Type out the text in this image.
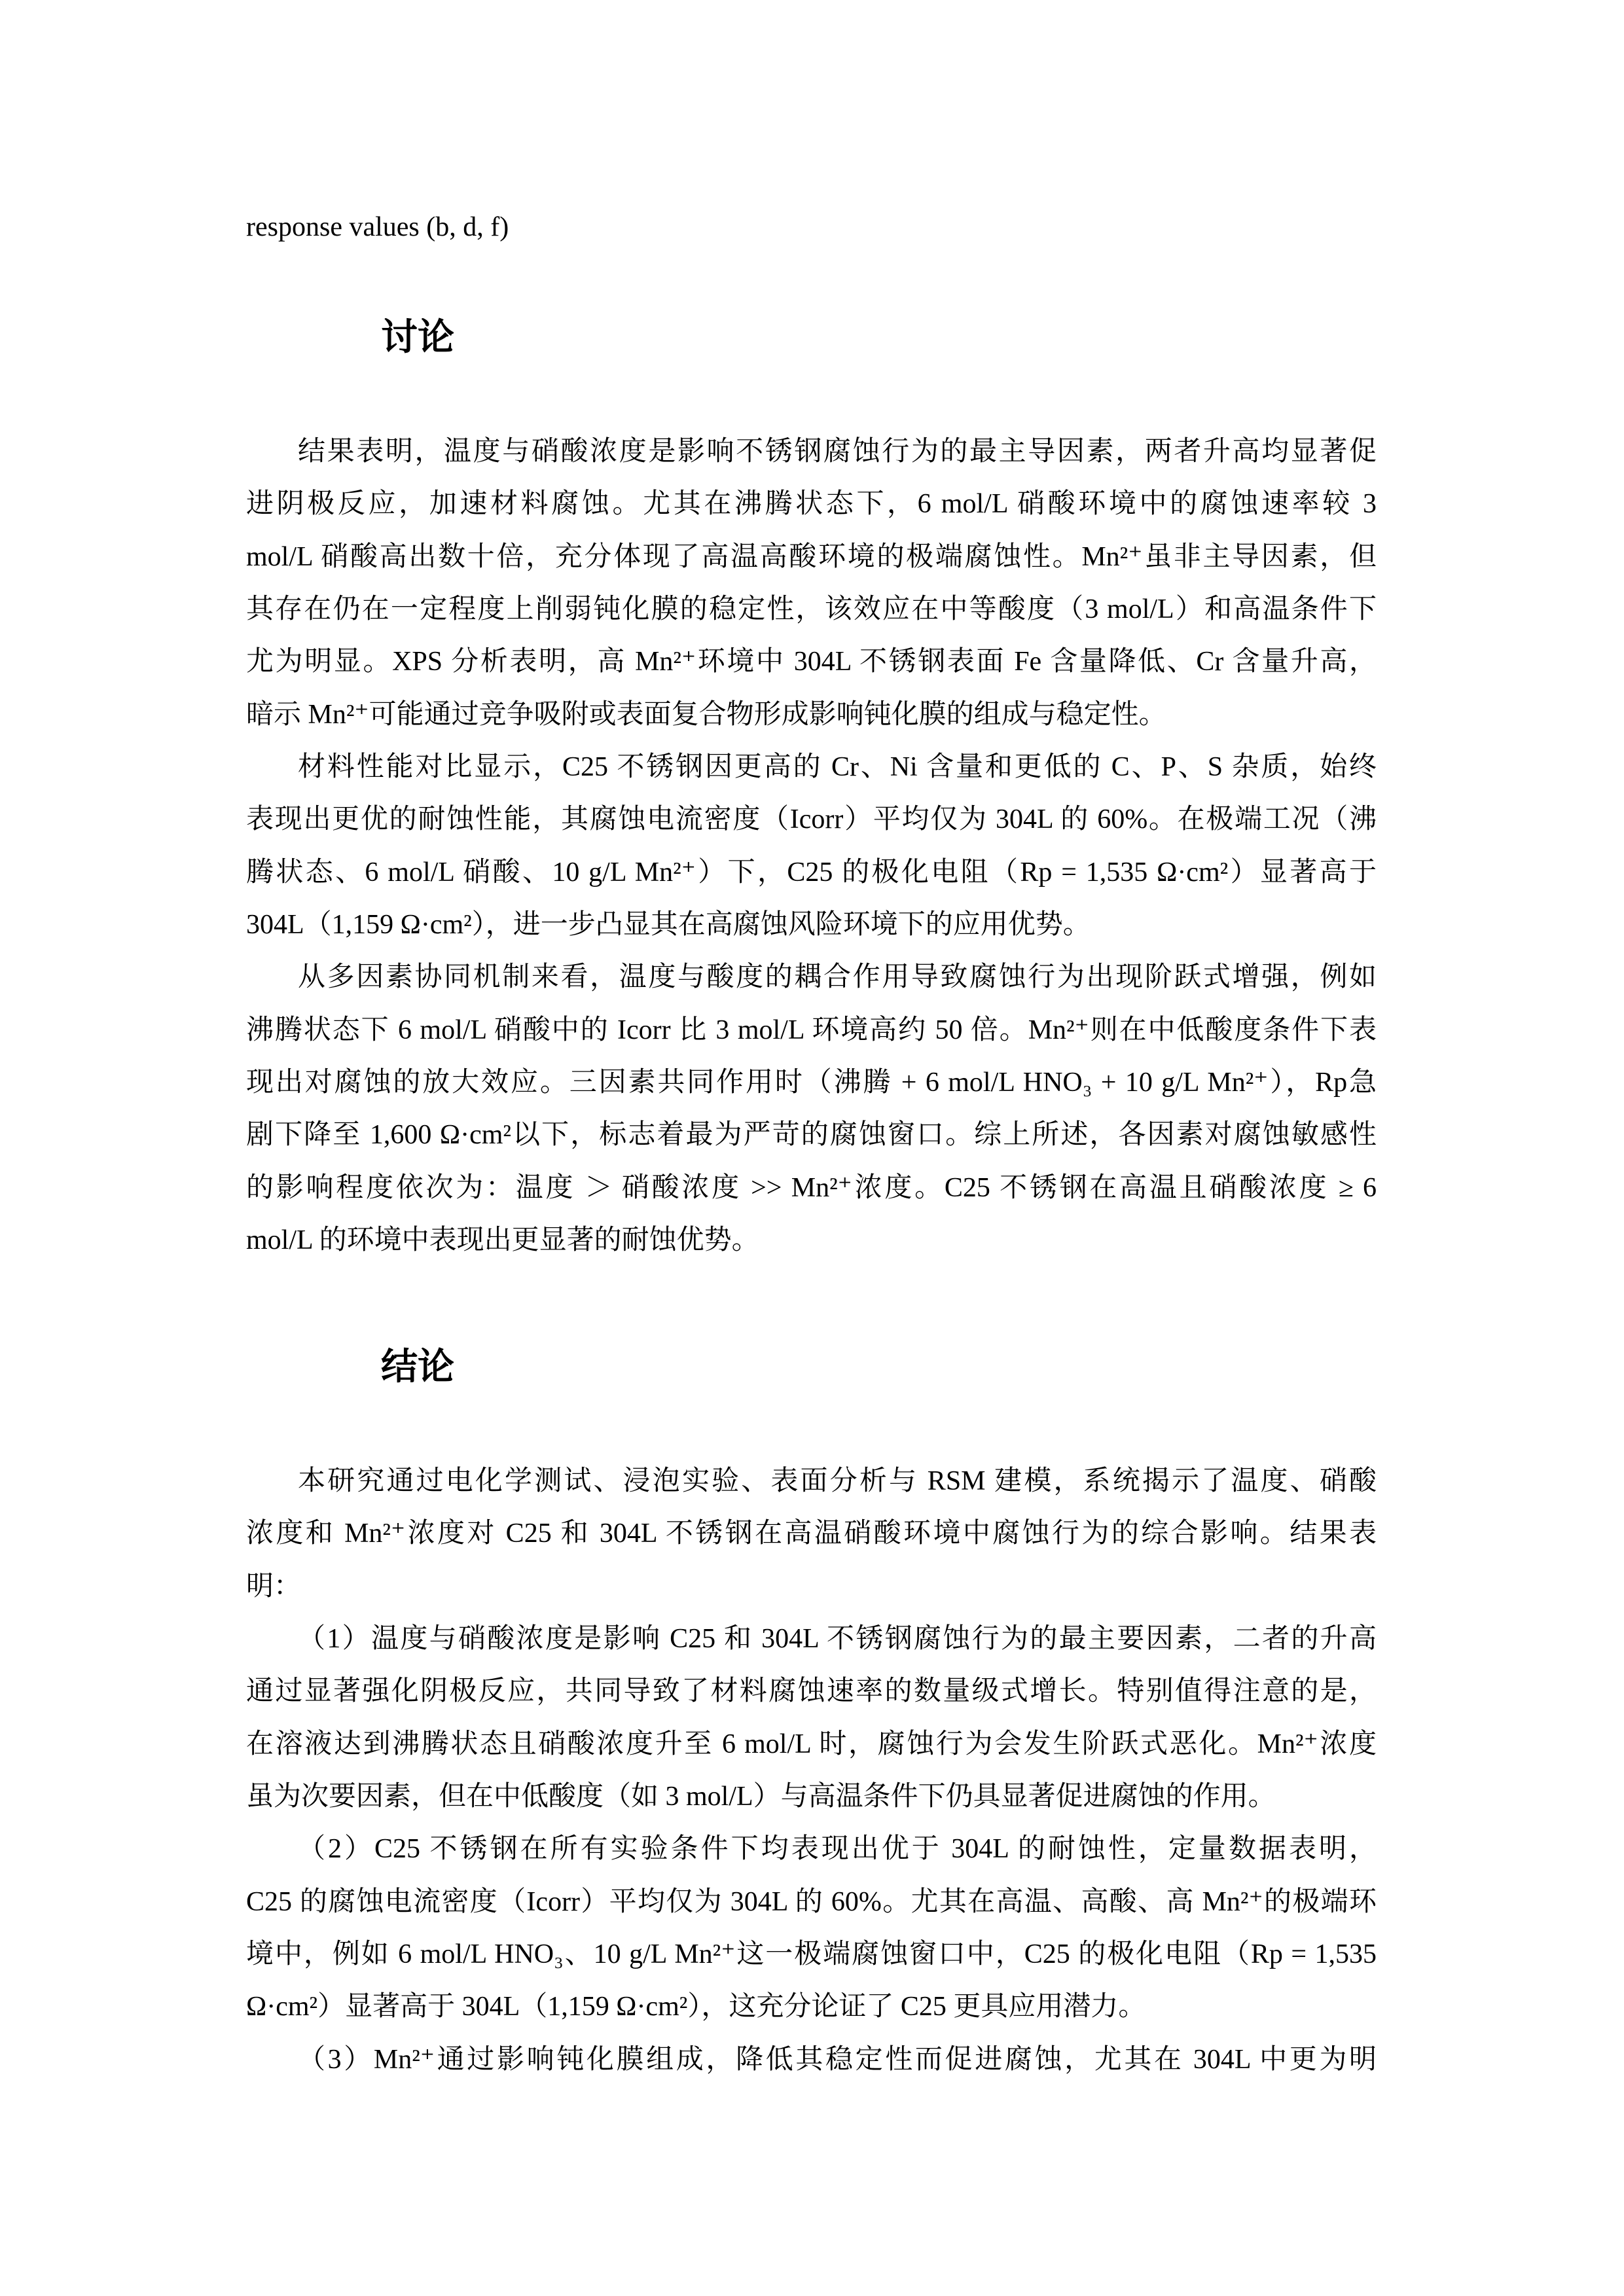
response values (b, d, f)
讨论
结果表明，温度与硝酸浓度是影响不锈钢腐蚀行为的最主导因素，两者升高均显著促
进阴极反应，加速材料腐蚀。尤其在沸腾状态下，6 mol/L 硝酸环境中的腐蚀速率较 3
mol/L 硝酸高出数十倍，充分体现了高温高酸环境的极端腐蚀性。Mn²⁺虽非主导因素，但
其存在仍在一定程度上削弱钝化膜的稳定性，该效应在中等酸度（3 mol/L）和高温条件下
尤为明显。XPS 分析表明，高 Mn²⁺环境中 304L 不锈钢表面 Fe 含量降低、Cr 含量升高，
暗示 Mn²⁺可能通过竞争吸附或表面复合物形成影响钝化膜的组成与稳定性。
材料性能对比显示，C25 不锈钢因更高的 Cr、Ni 含量和更低的 C、P、S 杂质，始终
表现出更优的耐蚀性能，其腐蚀电流密度（Icorr）平均仅为 304L 的 60%。在极端工况（沸
腾状态、6 mol/L 硝酸、10 g/L Mn²⁺）下，C25 的极化电阻（Rp = 1,535 Ω·cm²）显著高于
304L（1,159 Ω·cm²），进一步凸显其在高腐蚀风险环境下的应用优势。
从多因素协同机制来看，温度与酸度的耦合作用导致腐蚀行为出现阶跃式增强，例如
沸腾状态下 6 mol/L 硝酸中的 Icorr 比 3 mol/L 环境高约 50 倍。Mn²⁺则在中低酸度条件下表
现出对腐蚀的放大效应。三因素共同作用时（沸腾 + 6 mol/L HNO₃ + 10 g/L Mn²⁺），Rp急
剧下降至 1,600 Ω·cm²以下，标志着最为严苛的腐蚀窗口。综上所述，各因素对腐蚀敏感性
的影响程度依次为：温度 ＞ 硝酸浓度 >> Mn²⁺浓度。C25 不锈钢在高温且硝酸浓度 ≥ 6
mol/L 的环境中表现出更显著的耐蚀优势。
结论
本研究通过电化学测试、浸泡实验、表面分析与 RSM 建模，系统揭示了温度、硝酸
浓度和 Mn²⁺浓度对 C25 和 304L 不锈钢在高温硝酸环境中腐蚀行为的综合影响。结果表
明：
（1）温度与硝酸浓度是影响 C25 和 304L 不锈钢腐蚀行为的最主要因素，二者的升高
通过显著强化阴极反应，共同导致了材料腐蚀速率的数量级式增长。特别值得注意的是，
在溶液达到沸腾状态且硝酸浓度升至 6 mol/L 时，腐蚀行为会发生阶跃式恶化。Mn²⁺浓度
虽为次要因素，但在中低酸度（如 3 mol/L）与高温条件下仍具显著促进腐蚀的作用。
（2）C25 不锈钢在所有实验条件下均表现出优于 304L 的耐蚀性，定量数据表明，
C25 的腐蚀电流密度（Icorr）平均仅为 304L 的 60%。尤其在高温、高酸、高 Mn²⁺的极端环
境中，例如 6 mol/L HNO₃、10 g/L Mn²⁺这一极端腐蚀窗口中，C25 的极化电阻（Rp = 1,535
Ω·cm²）显著高于 304L（1,159 Ω·cm²），这充分论证了 C25 更具应用潜力。
（3）Mn²⁺通过影响钝化膜组成，降低其稳定性而促进腐蚀，尤其在 304L 中更为明
